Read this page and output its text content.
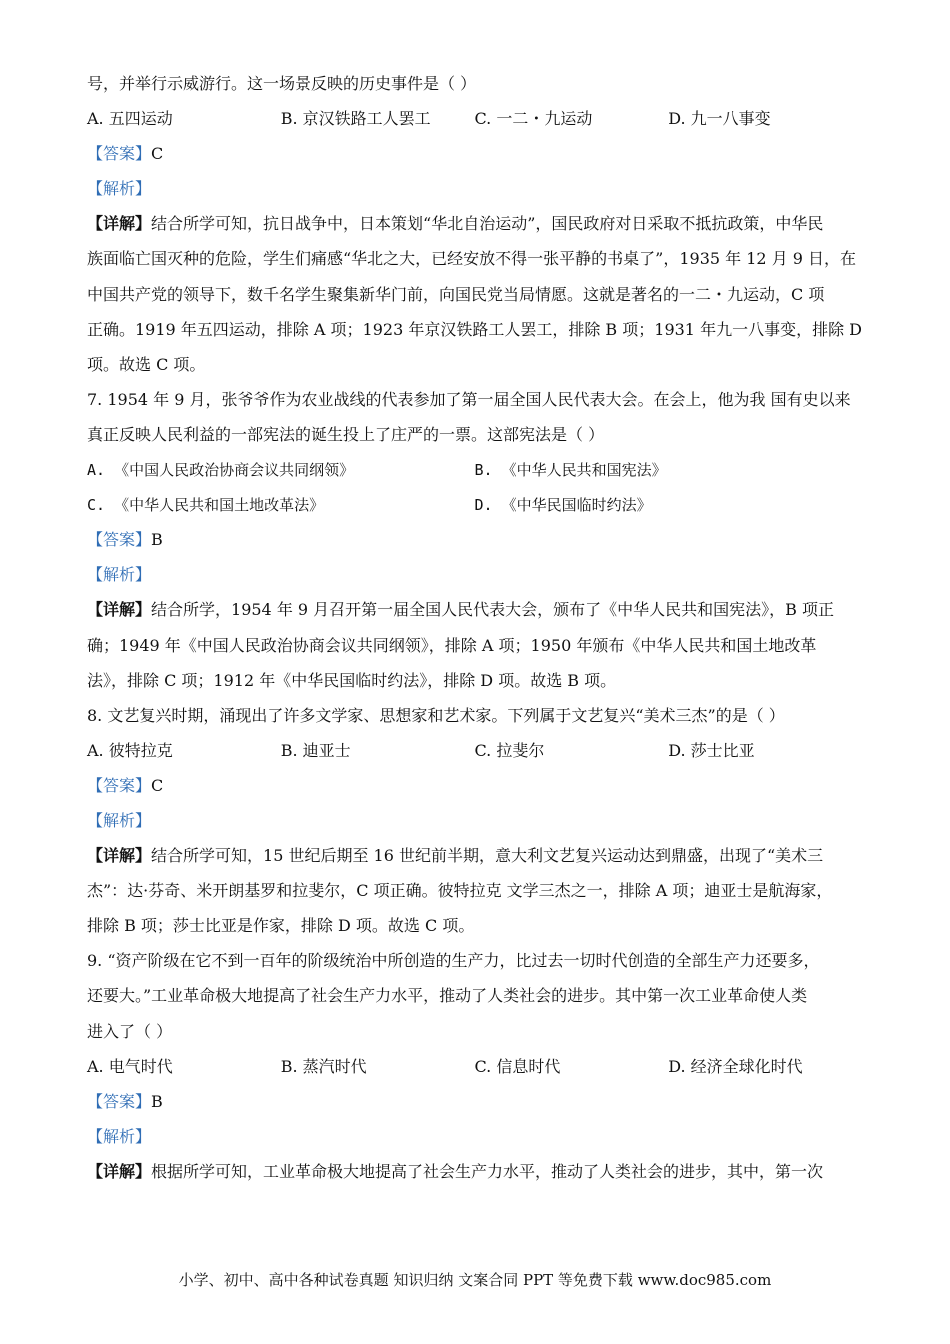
号，并举行示威游行。这一场景反映的历史事件是（ ）
A. 五四运动	B. 京汉铁路工人罢工	C. 一二・九运动	D. 九一八事变
【答案】C
【解析】
【详解】结合所学可知，抗日战争中，日本策划“华北自治运动”，国民政府对日采取不抵抗政策，中华民
族面临亡国灭种的危险，学生们痛感“华北之大，已经安放不得一张平静的书桌了”，1935 年 12 月 9 日，在
中国共产党的领导下，数千名学生聚集新华门前，向国民党当局情愿。这就是著名的一二・九运动，C 项
正确。1919 年五四运动，排除 A 项；1923 年京汉铁路工人罢工，排除 B 项；1931 年九一八事变，排除 D
项。故选 C 项。
7. 1954 年 9 月，张爷爷作为农业战线的代表参加了第一届全国人民代表大会。在会上，他为我 国有史以来
真正反映人民利益的一部宪法的诞生投上了庄严的一票。这部宪法是（ ）
A. 《中国人民政治协商会议共同纲领》	B. 《中华人民共和国宪法》
C. 《中华人民共和国土地改革法》	D. 《中华民国临时约法》
【答案】B
【解析】
【详解】结合所学，1954 年 9 月召开第一届全国人民代表大会，颁布了《中华人民共和国宪法》，B 项正
确；1949 年《中国人民政治协商会议共同纲领》，排除 A 项；1950 年颁布《中华人民共和国土地改革
法》，排除 C 项；1912 年《中华民国临时约法》，排除 D 项。故选 B 项。
8. 文艺复兴时期，涌现出了许多文学家、思想家和艺术家。下列属于文艺复兴“美术三杰”的是（ ）
A. 彼特拉克	B. 迪亚士	C. 拉斐尔	D. 莎士比亚
【答案】C
【解析】
【详解】结合所学可知，15 世纪后期至 16 世纪前半期，意大利文艺复兴运动达到鼎盛，出现了“美术三
杰”：达·芬奇、米开朗基罗和拉斐尔，C 项正确。彼特拉克 文学三杰之一，排除 A 项；迪亚士是航海家，
排除 B 项；莎士比亚是作家，排除 D 项。故选 C 项。
9. “资产阶级在它不到一百年的阶级统治中所创造的生产力，比过去一切时代创造的全部生产力还要多，
还要大。”工业革命极大地提高了社会生产力水平，推动了人类社会的进步。其中第一次工业革命使人类
进入了（ ）
A. 电气时代	B. 蒸汽时代	C. 信息时代	D. 经济全球化时代
【答案】B
【解析】
【详解】根据所学可知，工业革命极大地提高了社会生产力水平，推动了人类社会的进步，其中，第一次
小学、初中、高中各种试卷真题 知识归纳 文案合同 PPT 等免费下载 www.doc985.com
